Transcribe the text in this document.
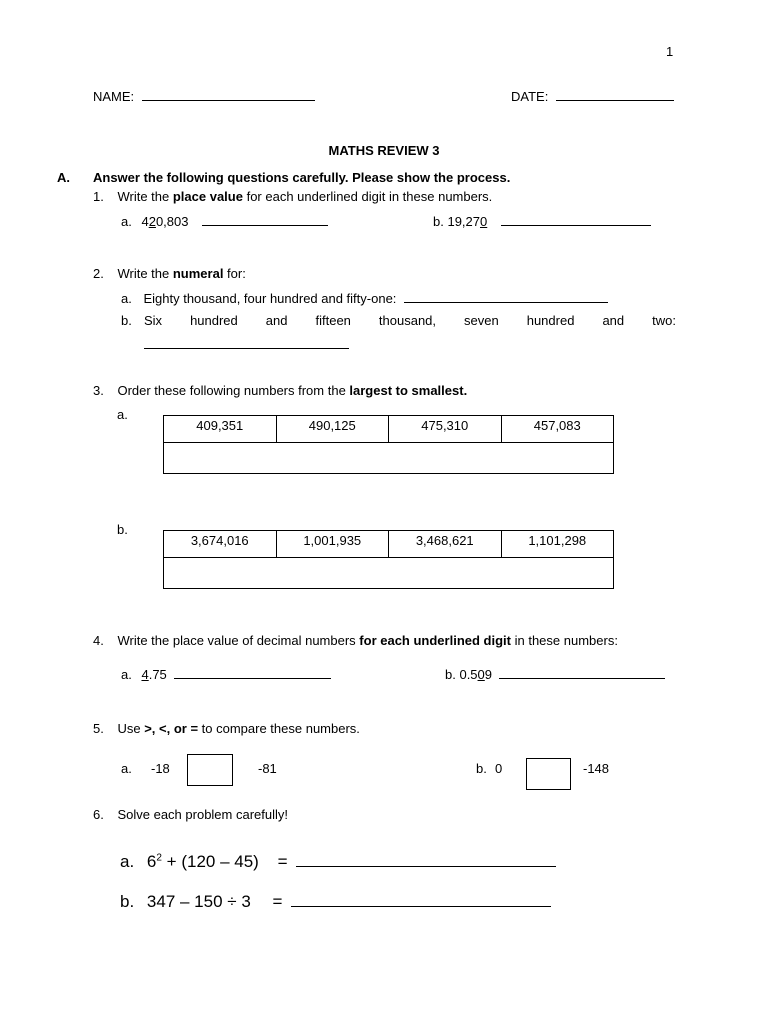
1
NAME:	DATE:
MATHS REVIEW 3
A. Answer the following questions carefully. Please show the process.
1. Write the place value for each underlined digit in these numbers.
a. 420,803	b. 19,270
2. Write the numeral for:
a. Eighty thousand, four hundred and fifty-one:
b. Six hundred and fifteen thousand, seven hundred and two:
3. Order these following numbers from the largest to smallest.
a.
409,351	490,125	475,310	457,083

b.
3,674,016	1,001,935	3,468,621	1,101,298

4. Write the place value of decimal numbers for each underlined digit in these numbers:
a. 4.75	b. 0.509
5. Use >, <, or = to compare these numbers.
a. -18	-81	b. 0	-148
6. Solve each problem carefully!
a. $6^2 + (120 - 45)$ =
b. 347 – 150 ÷ 3 =
